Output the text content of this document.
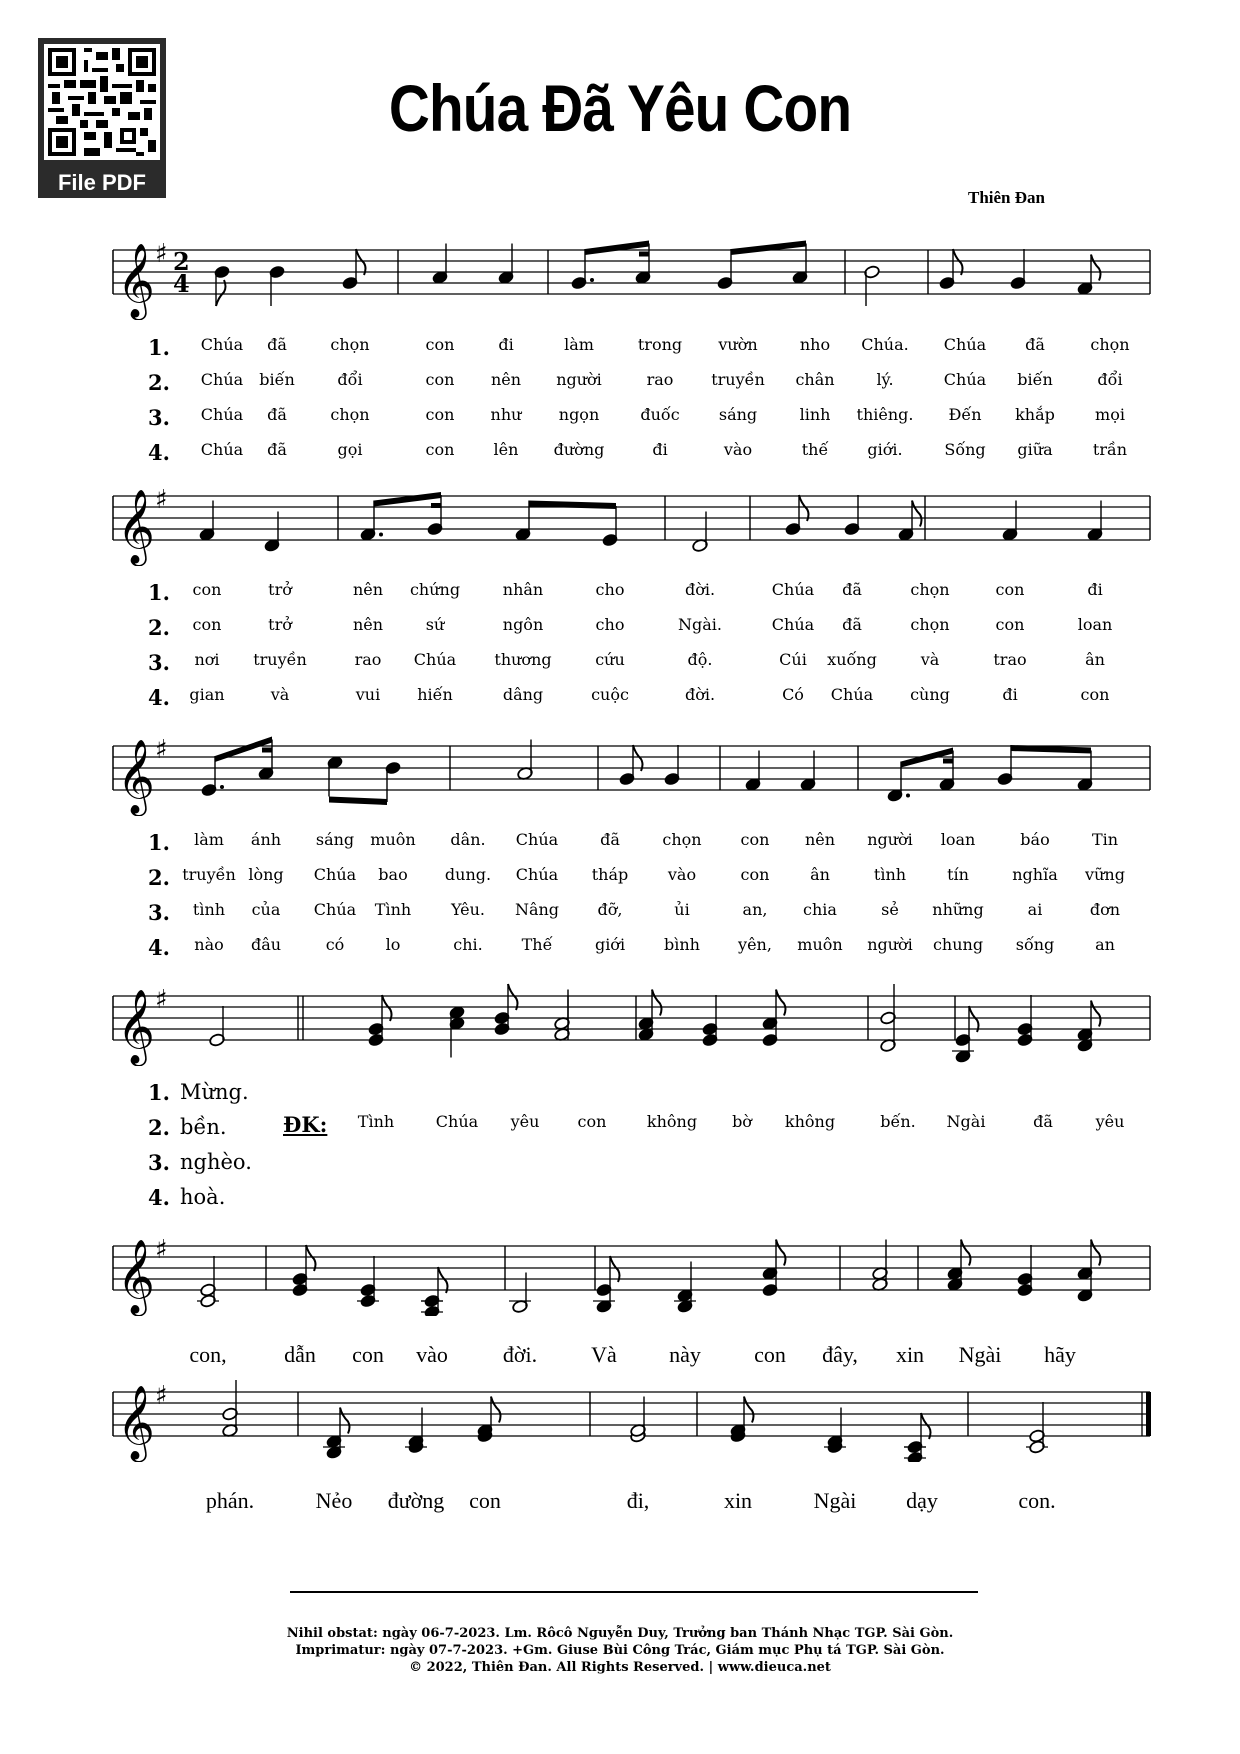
File PDF
Chúa Đã Yêu Con
Thiên Đan
𝄞 ♯ 2
4
𝄞 ♯
𝄞 ♯
𝄞 ♯
𝄞 ♯
𝄞 ♯
1. Chúa đã	chọn	con	đi	làm	trong vườn	nho Chúa. Chúa đã	chọn
2. Chúa biến	đổi	con nên người	rao truyền chân	lý.	Chúa biến	đổi
3. Chúa đã	chọn	con như ngọn	đuốc sáng	linh thiêng. Đến khắp	mọi
4. Chúa đã	gọi	con lên đường	đi	vào	thế giới.	Sống giữa	trần
1. con	trở	nên chứng	nhân	cho	đời.	Chúa đã	chọn	con	đi
2. con	trở	nên	sứ	ngôn	cho	Ngài.	Chúa đã	chọn	con	loan
3. nơi truyền	rao Chúa thương	cứu	độ.	Cúi xuống	và	trao	ân
4. gian	và	vui hiến	dâng	cuộc	đời.	Có Chúa cùng	đi	con
1. làm ánh sáng muôn dân. Chúa	đã	chọn con nên người loan	báo	Tin
2. truyền lòng Chúa bao dung. Chúa tháp vào	con	ân	tình	tín	nghĩa vững
3. tình của Chúa Tình Yêu. Nâng đỡ,	ủi	an, chia	sẻ những	ai	đơn
4. nào đâu	có	lo	chi. Thế	giới bình yên, muôn người chung sống	an
1. Mừng.
2. bền.
3. nghèo.
4. hoà.
ĐK: Tình	Chúa yêu con	không bờ không	bến. Ngài	đã	yêu
con,	dẫn con vào đời. Và này con đây, xin Ngài hãy
phán.	Nẻo đường con	đi,	xin	Ngài dạy	con.
Nihil obstat: ngày 06-7-2023. Lm. Rôcô Nguyễn Duy, Trưởng ban Thánh Nhạc TGP. Sài Gòn.
Imprimatur: ngày 07-7-2023. +Gm. Giuse Bùi Công Trác, Giám mục Phụ tá TGP. Sài Gòn.
© 2022, Thiên Đan. All Rights Reserved. | www.dieuca.net
